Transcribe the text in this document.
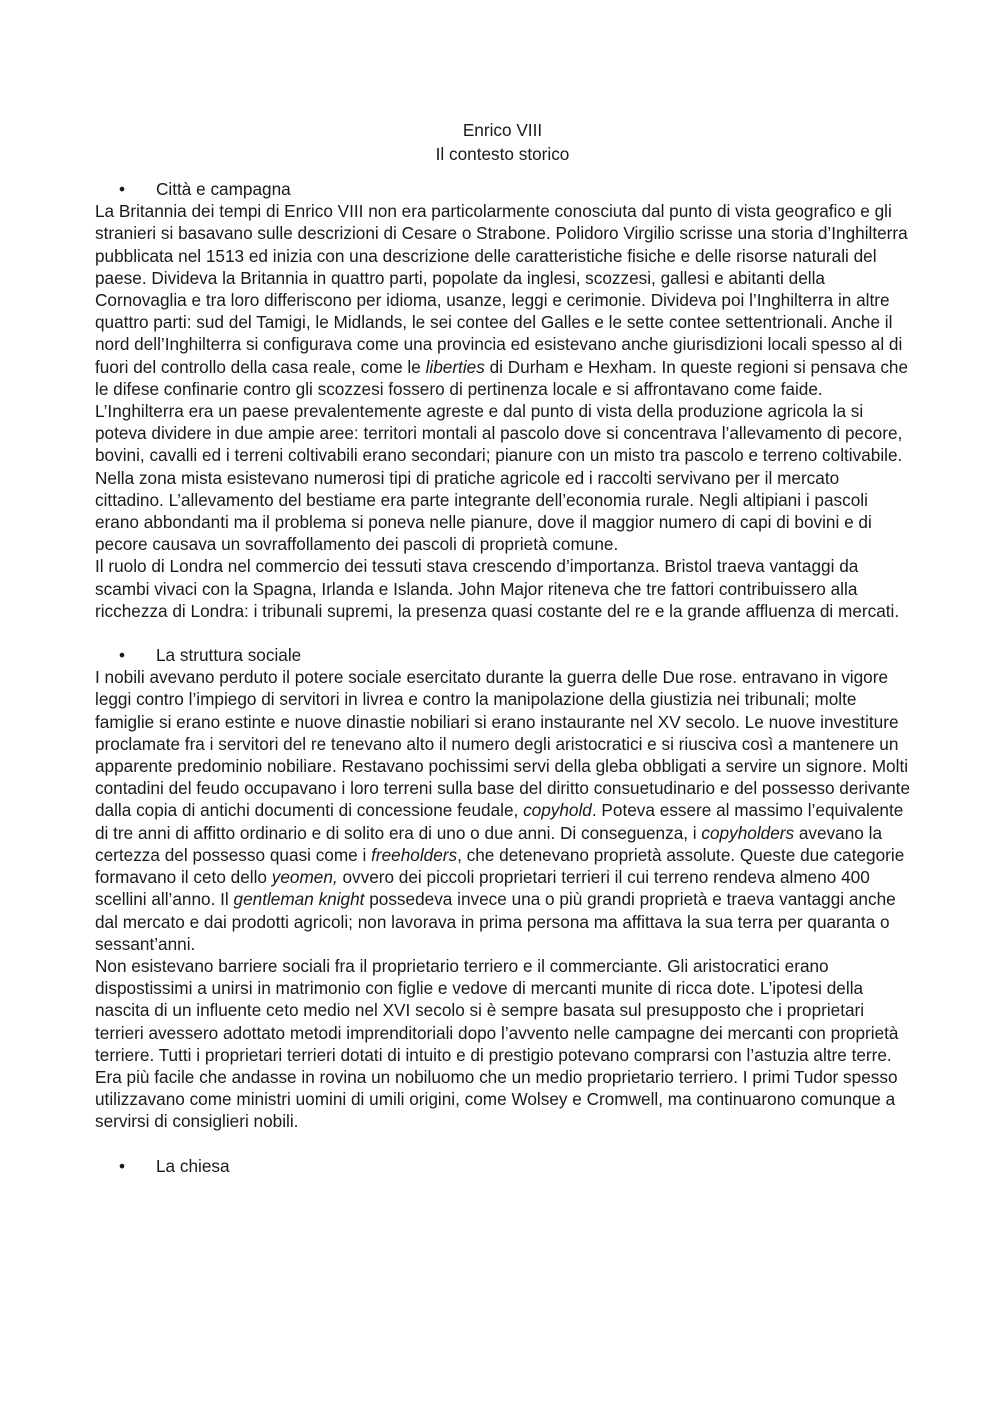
Enrico VIII
Il contesto storico
•	Città e campagna

La Britannia dei tempi di Enrico VIII non era particolarmente conosciuta dal punto di vista geografico e gli stranieri si basavano sulle descrizioni di Cesare o Strabone. Polidoro Virgilio scrisse una storia d’Inghilterra pubblicata nel 1513 ed inizia con una descrizione delle caratteristiche fisiche e delle risorse naturali del paese. Divideva la Britannia in quattro parti, popolate da inglesi, scozzesi, gallesi e abitanti della Cornovaglia e tra loro differiscono per idioma, usanze, leggi e cerimonie. Divideva poi l’Inghilterra in altre quattro parti: sud del Tamigi, le Midlands, le sei contee del Galles e le sette contee settentrionali. Anche il nord dell’Inghilterra si configurava come una provincia ed esistevano anche giurisdizioni locali spesso al di fuori del controllo della casa reale, come le liberties di Durham e Hexham. In queste regioni si pensava che le difese confinarie contro gli scozzesi fossero di pertinenza locale e si affrontavano come faide.

L’Inghilterra era un paese prevalentemente agreste e dal punto di vista della produzione agricola la si poteva dividere in due ampie aree: territori montali al pascolo dove si concentrava l’allevamento di pecore, bovini, cavalli ed i terreni coltivabili erano secondari; pianure con un misto tra pascolo e terreno coltivabile. Nella zona mista esistevano numerosi tipi di pratiche agricole ed i raccolti servivano per il mercato cittadino. L’allevamento del bestiame era parte integrante dell’economia rurale. Negli altipiani i pascoli erano abbondanti ma il problema si poneva nelle pianure, dove il maggior numero di capi di bovini e di pecore causava un sovraffollamento dei pascoli di proprietà comune.

Il ruolo di Londra nel commercio dei tessuti stava crescendo d’importanza. Bristol traeva vantaggi da scambi vivaci con la Spagna, Irlanda e Islanda. John Major riteneva che tre fattori contribuissero alla ricchezza di Londra: i tribunali supremi, la presenza quasi costante del re e la grande affluenza di mercati.

•	La struttura sociale

I nobili avevano perduto il potere sociale esercitato durante la guerra delle Due rose. entravano in vigore leggi contro l’impiego di servitori in livrea e contro la manipolazione della giustizia nei tribunali; molte famiglie si erano estinte e nuove dinastie nobiliari si erano instaurante nel XV secolo. Le nuove investiture proclamate fra i servitori del re tenevano alto il numero degli aristocratici e si riusciva così a mantenere un apparente predominio nobiliare. Restavano pochissimi servi della gleba obbligati a servire un signore. Molti contadini del feudo occupavano i loro terreni sulla base del diritto consuetudinario e del possesso derivante dalla copia di antichi documenti di concessione feudale, copyhold. Poteva essere al massimo l’equivalente di tre anni di affitto ordinario e di solito era di uno o due anni. Di conseguenza, i copyholders avevano la certezza del possesso quasi come i freeholders, che detenevano proprietà assolute. Queste due categorie formavano il ceto dello yeomen, ovvero dei piccoli proprietari terrieri il cui terreno rendeva almeno 400 scellini all’anno. Il gentleman knight possedeva invece una o più grandi proprietà e traeva vantaggi anche dal mercato e dai prodotti agricoli; non lavorava in prima persona ma affittava la sua terra per quaranta o sessant’anni.

Non esistevano barriere sociali fra il proprietario terriero e il commerciante. Gli aristocratici erano dispostissimi a unirsi in matrimonio con figlie e vedove di mercanti munite di ricca dote. L’ipotesi della nascita di un influente ceto medio nel XVI secolo si è sempre basata sul presupposto che i proprietari terrieri avessero adottato metodi imprenditoriali dopo l’avvento nelle campagne dei mercanti con proprietà terriere. Tutti i proprietari terrieri dotati di intuito e di prestigio potevano comprarsi con l’astuzia altre terre. Era più facile che andasse in rovina un nobiluomo che un medio proprietario terriero. I primi Tudor spesso utilizzavano come ministri uomini di umili origini, come Wolsey e Cromwell, ma continuarono comunque a servirsi di consiglieri nobili.

•	La chiesa
